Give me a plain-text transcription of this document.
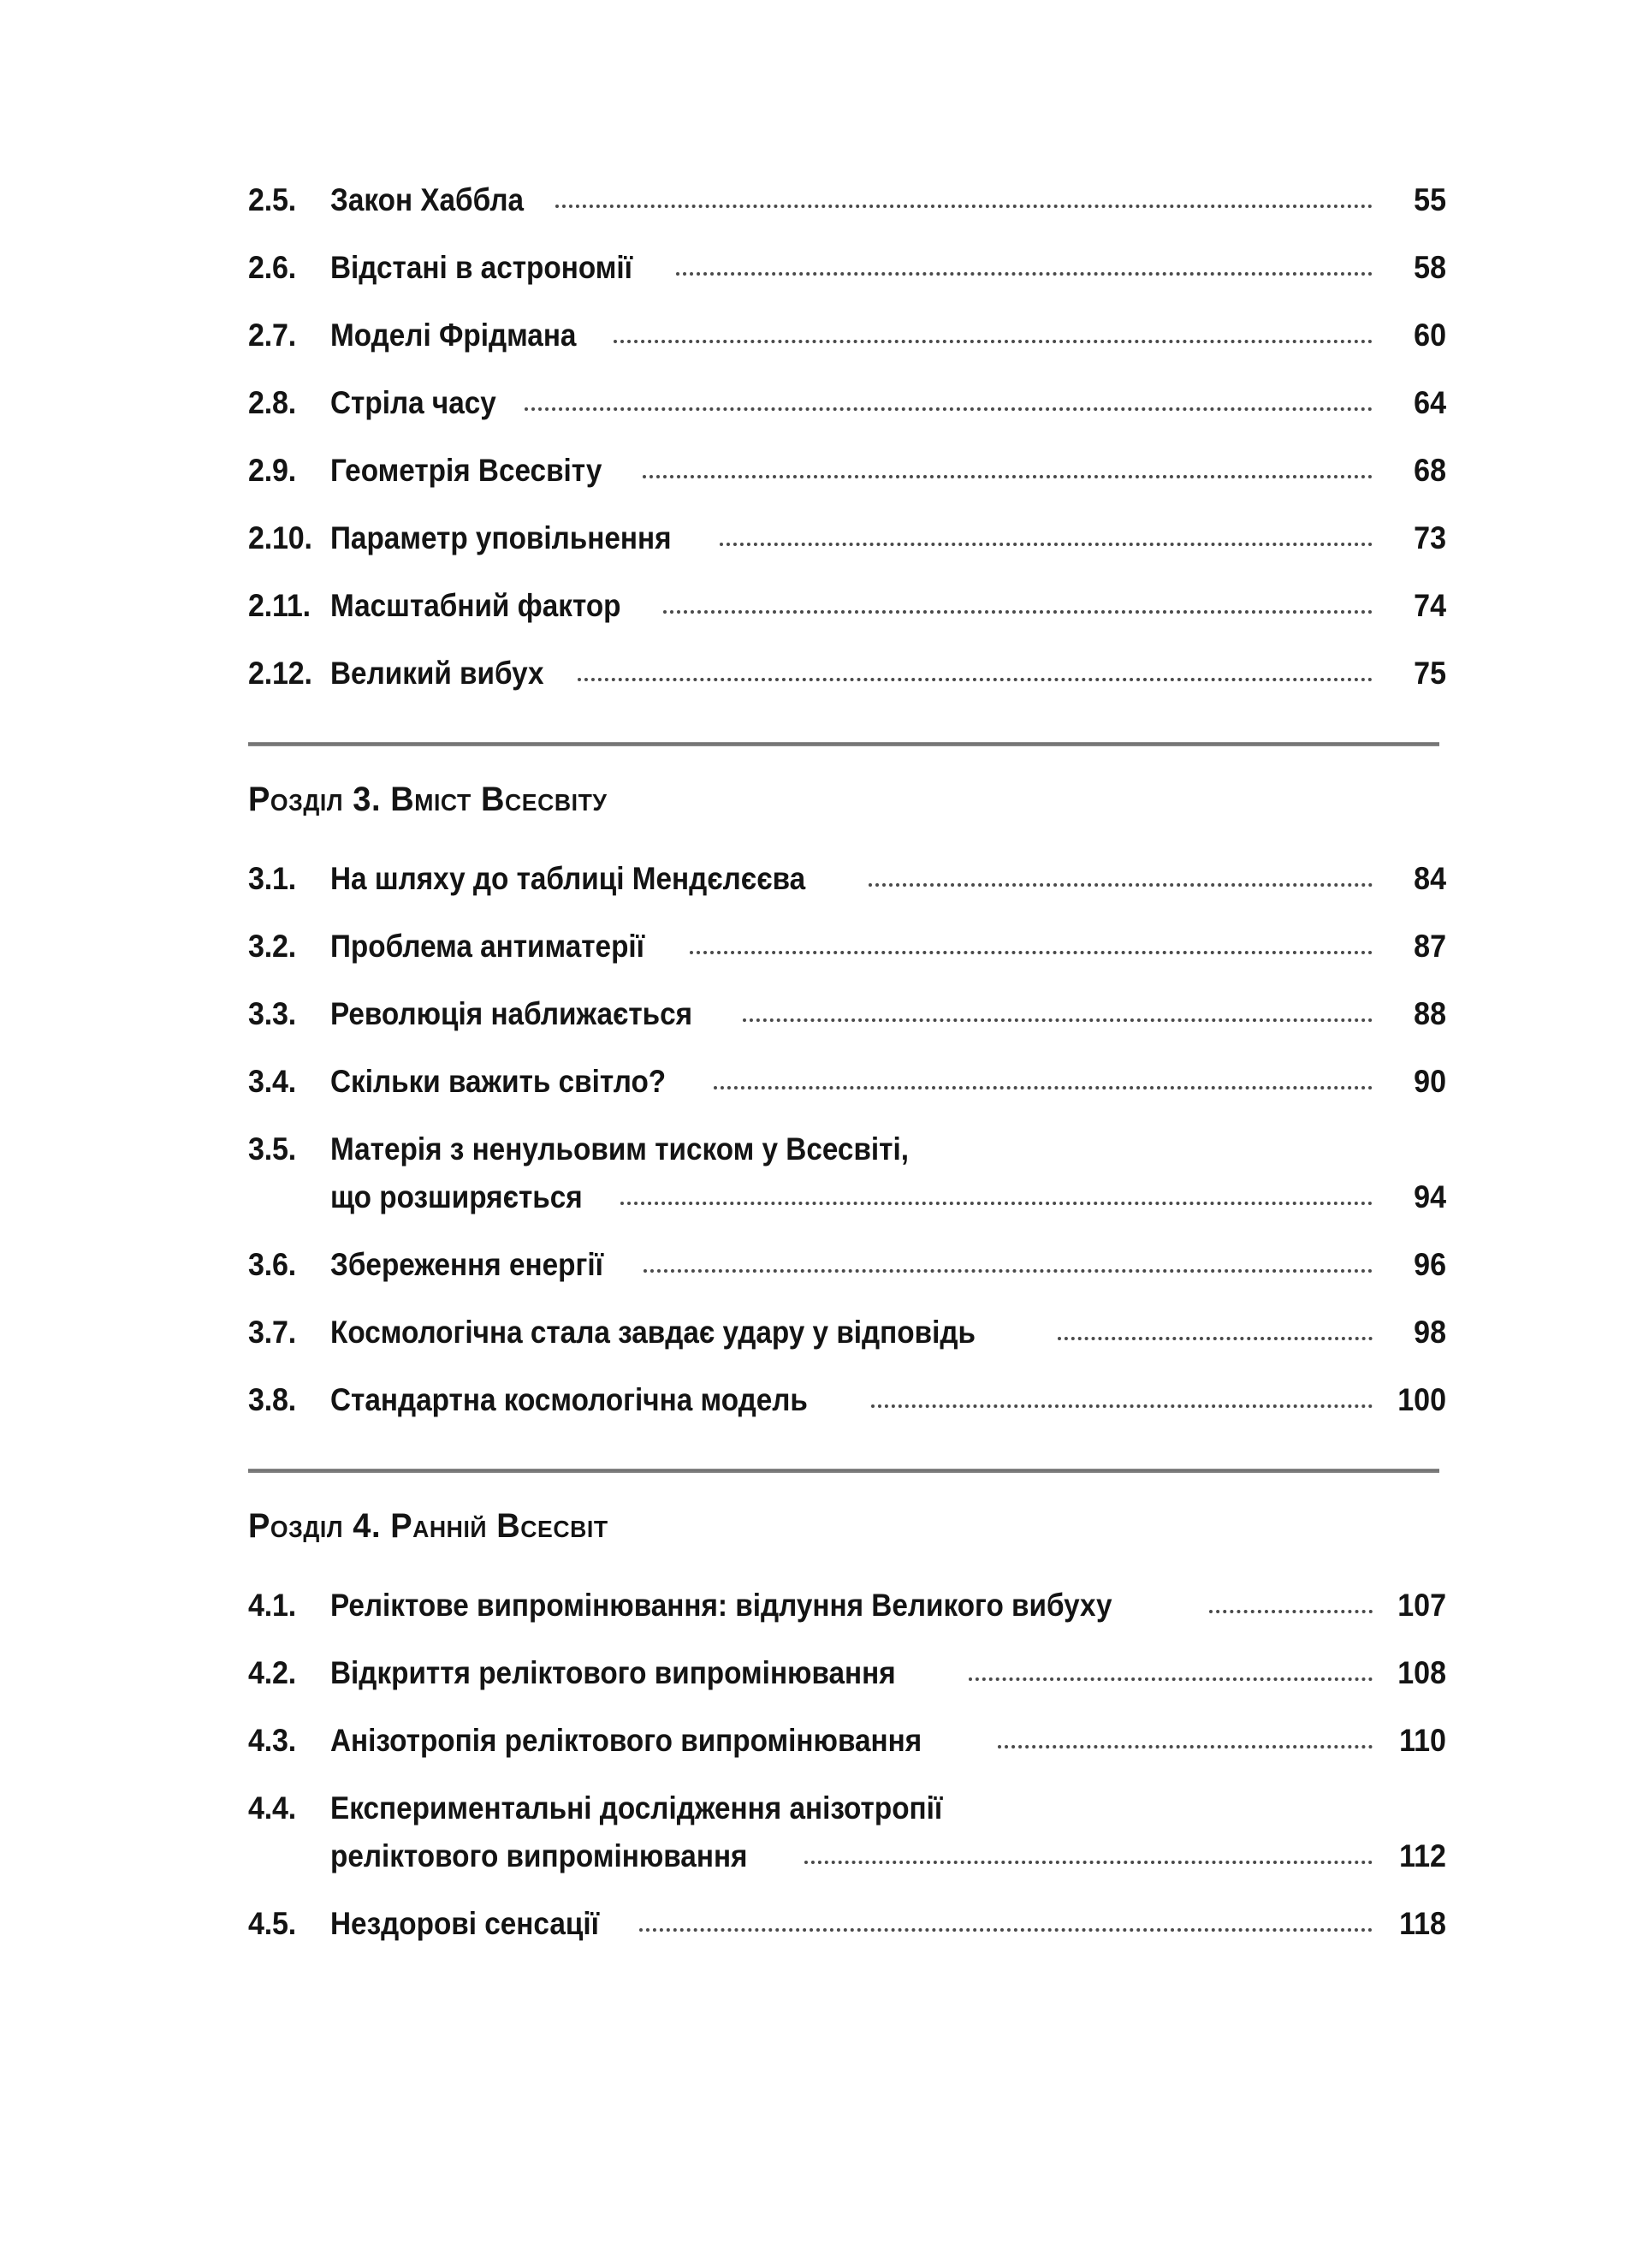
2.5.	Закон Хаббла	55
2.6.	Відстані в астрономії	58
2.7.	Моделі Фрідмана	60
2.8.	Стріла часу	64
2.9.	Геометрія Всесвіту	68
2.10. Параметр уповільнення	73
2.11. Масштабний фактор	74
2.12. Великий вибух	75
Розділ 3. Вміст Всесвіту
3.1.	На шляху до таблиці Мендєлєєва	84
3.2.	Проблема антиматерії	87
3.3.	Революція наближається	88
3.4.	Скільки важить світло?	90
3.5.	Матерія з ненульовим тиском у Всесвіті,
що розширяється	94
3.6.	Збереження енергії	96
3.7.	Космологічна стала завдає удару у відповідь	98
3.8.	Стандартна космологічна модель	100
Розділ 4. Ранній Всесвіт
4.1.	Реліктове випромінювання: відлуння Великого вибуху	107
4.2.	Відкриття реліктового випромінювання	108
4.3.	Анізотропія реліктового випромінювання	110
4.4.	Експериментальні дослідження анізотропії
реліктового випромінювання	112
4.5.	Нездорові сенсації	118
